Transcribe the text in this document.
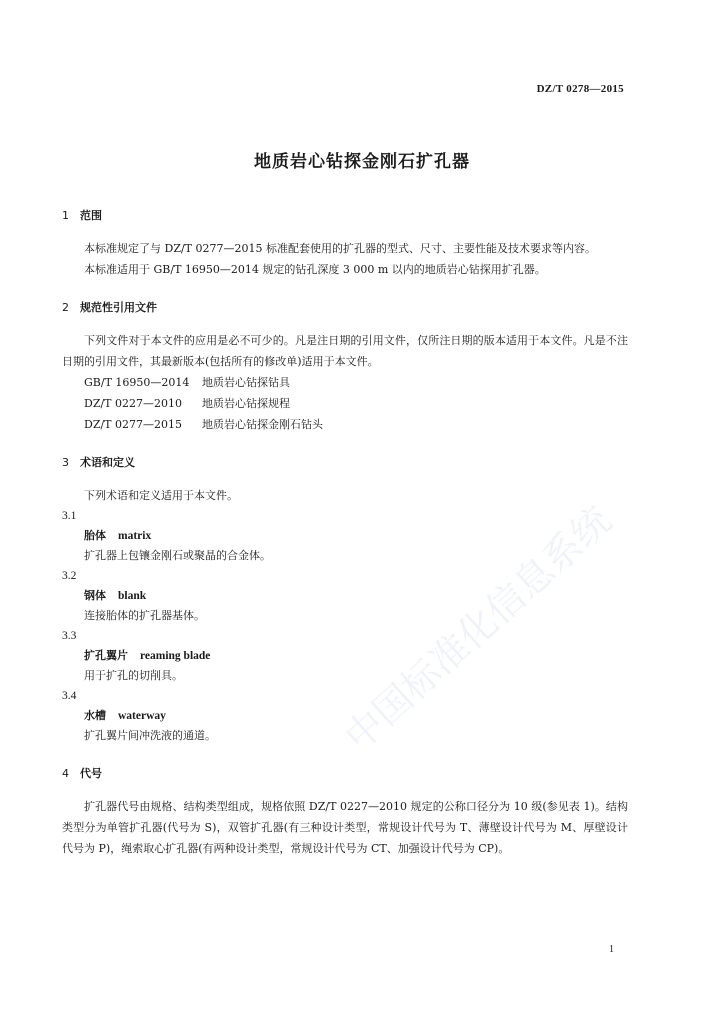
DZ/T 0278—2015
地质岩心钻探金刚石扩孔器
1 范围

本标准规定了与 DZ/T 0277—2015 标准配套使用的扩孔器的型式、尺寸、主要性能及技术要求等内容。

本标准适用于 GB/T 16950—2014 规定的钻孔深度 3 000 m 以内的地质岩心钻探用扩孔器。

2 规范性引用文件

下列文件对于本文件的应用是必不可少的。凡是注日期的引用文件，仅所注日期的版本适用于本文件。凡是不注日期的引用文件，其最新版本(包括所有的修改单)适用于本文件。

GB/T 16950—2014 地质岩心钻探钻具
DZ/T 0227—2010 地质岩心钻探规程
DZ/T 0277—2015 地质岩心钻探金刚石钻头
3 术语和定义

下列术语和定义适用于本文件。

3.1
胎体 matrix
扩孔器上包镶金刚石或聚晶的合金体。
3.2
钢体 blank
连接胎体的扩孔器基体。
3.3
扩孔翼片 reaming blade
用于扩孔的切削具。
3.4
水槽 waterway
扩孔翼片间冲洗液的通道。
4 代号

扩孔器代号由规格、结构类型组成，规格依照 DZ/T 0227—2010 规定的公称口径分为 10 级(参见表 1)。结构类型分为单管扩孔器(代号为 S)，双管扩孔器(有三种设计类型，常规设计代号为 T、薄壁设计代号为 M、厚壁设计代号为 P)，绳索取心扩孔器(有两种设计类型，常规设计代号为 CT、加强设计代号为 CP)。

1
中国标准化信息系统
